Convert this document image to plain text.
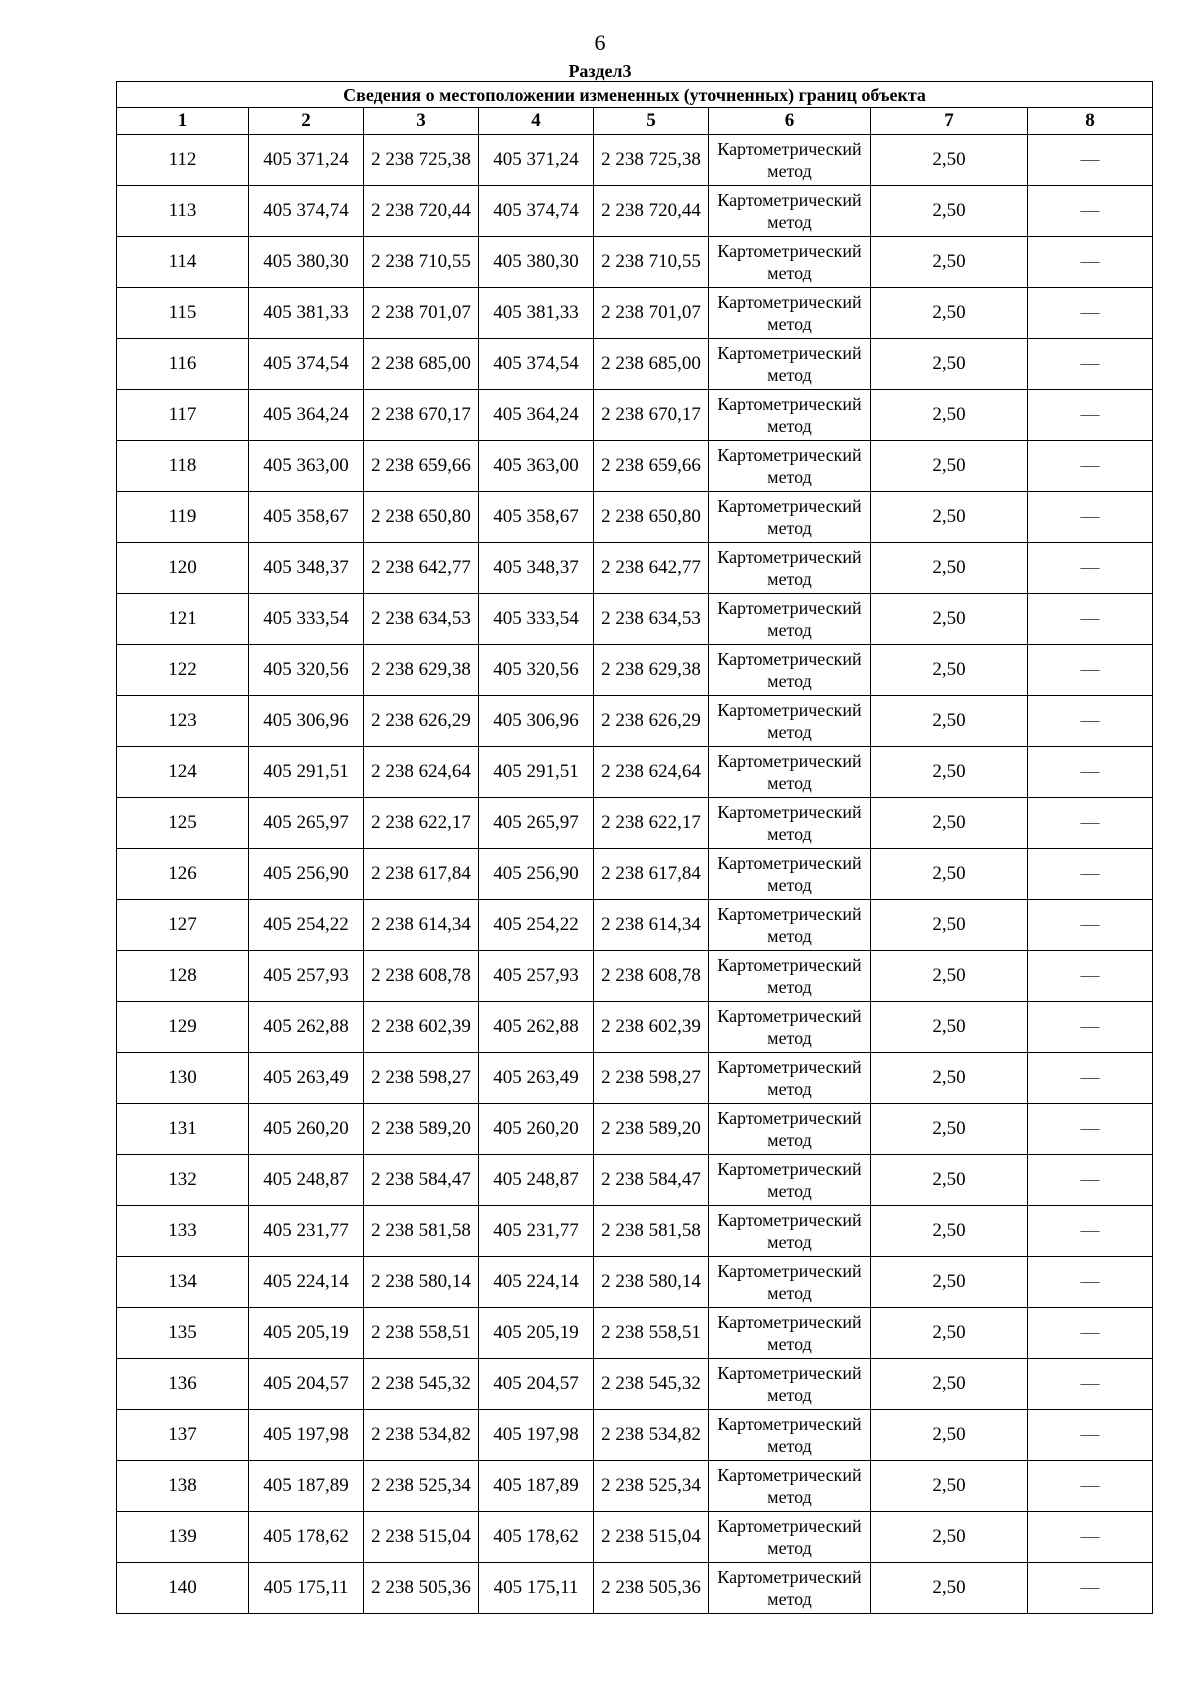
6
Раздел3
Сведения о местоположении измененных (уточненных) границ объекта							
1	2	3	4	5	6	7	8
112	405 371,24	2 238 725,38	405 371,24	2 238 725,38	Картометрический метод	2,50	—
113	405 374,74	2 238 720,44	405 374,74	2 238 720,44	Картометрический метод	2,50	—
114	405 380,30	2 238 710,55	405 380,30	2 238 710,55	Картометрический метод	2,50	—
115	405 381,33	2 238 701,07	405 381,33	2 238 701,07	Картометрический метод	2,50	—
116	405 374,54	2 238 685,00	405 374,54	2 238 685,00	Картометрический метод	2,50	—
117	405 364,24	2 238 670,17	405 364,24	2 238 670,17	Картометрический метод	2,50	—
118	405 363,00	2 238 659,66	405 363,00	2 238 659,66	Картометрический метод	2,50	—
119	405 358,67	2 238 650,80	405 358,67	2 238 650,80	Картометрический метод	2,50	—
120	405 348,37	2 238 642,77	405 348,37	2 238 642,77	Картометрический метод	2,50	—
121	405 333,54	2 238 634,53	405 333,54	2 238 634,53	Картометрический метод	2,50	—
122	405 320,56	2 238 629,38	405 320,56	2 238 629,38	Картометрический метод	2,50	—
123	405 306,96	2 238 626,29	405 306,96	2 238 626,29	Картометрический метод	2,50	—
124	405 291,51	2 238 624,64	405 291,51	2 238 624,64	Картометрический метод	2,50	—
125	405 265,97	2 238 622,17	405 265,97	2 238 622,17	Картометрический метод	2,50	—
126	405 256,90	2 238 617,84	405 256,90	2 238 617,84	Картометрический метод	2,50	—
127	405 254,22	2 238 614,34	405 254,22	2 238 614,34	Картометрический метод	2,50	—
128	405 257,93	2 238 608,78	405 257,93	2 238 608,78	Картометрический метод	2,50	—
129	405 262,88	2 238 602,39	405 262,88	2 238 602,39	Картометрический метод	2,50	—
130	405 263,49	2 238 598,27	405 263,49	2 238 598,27	Картометрический метод	2,50	—
131	405 260,20	2 238 589,20	405 260,20	2 238 589,20	Картометрический метод	2,50	—
132	405 248,87	2 238 584,47	405 248,87	2 238 584,47	Картометрический метод	2,50	—
133	405 231,77	2 238 581,58	405 231,77	2 238 581,58	Картометрический метод	2,50	—
134	405 224,14	2 238 580,14	405 224,14	2 238 580,14	Картометрический метод	2,50	—
135	405 205,19	2 238 558,51	405 205,19	2 238 558,51	Картометрический метод	2,50	—
136	405 204,57	2 238 545,32	405 204,57	2 238 545,32	Картометрический метод	2,50	—
137	405 197,98	2 238 534,82	405 197,98	2 238 534,82	Картометрический метод	2,50	—
138	405 187,89	2 238 525,34	405 187,89	2 238 525,34	Картометрический метод	2,50	—
139	405 178,62	2 238 515,04	405 178,62	2 238 515,04	Картометрический метод	2,50	—
140	405 175,11	2 238 505,36	405 175,11	2 238 505,36	Картометрический метод	2,50	—
